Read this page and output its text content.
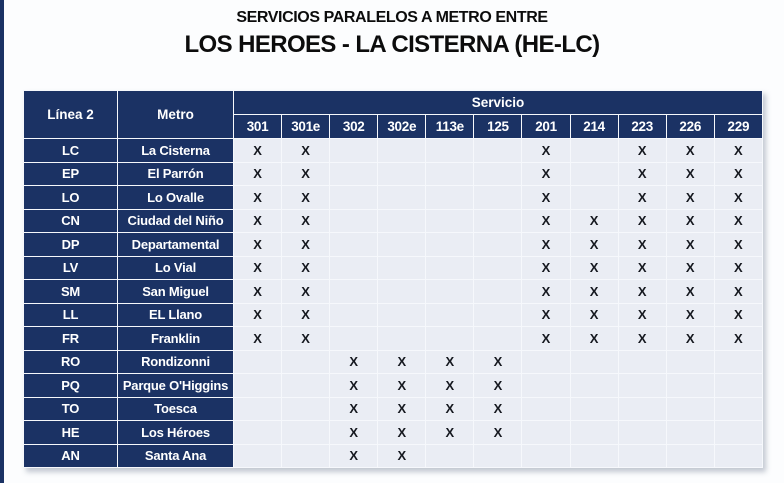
SERVICIOS PARALELOS A METRO ENTRE
LOS HEROES - LA CISTERNA (HE-LC)
Línea 2	Metro	Servicio										
		301	301e	302	302e	113e	125	201	214	223	226	229
LC	La Cisterna	X	X					X		X	X	X
EP	El Parrón	X	X					X		X	X	X
LO	Lo Ovalle	X	X					X		X	X	X
CN	Ciudad del Niño	X	X					X	X	X	X	X
DP	Departamental	X	X					X	X	X	X	X
LV	Lo Vial	X	X					X	X	X	X	X
SM	San Miguel	X	X					X	X	X	X	X
LL	EL Llano	X	X					X	X	X	X	X
FR	Franklin	X	X					X	X	X	X	X
RO	Rondizonni			X	X	X	X					
PQ	Parque O'Higgins			X	X	X	X					
TO	Toesca			X	X	X	X					
HE	Los Héroes			X	X	X	X					
AN	Santa Ana			X	X							
